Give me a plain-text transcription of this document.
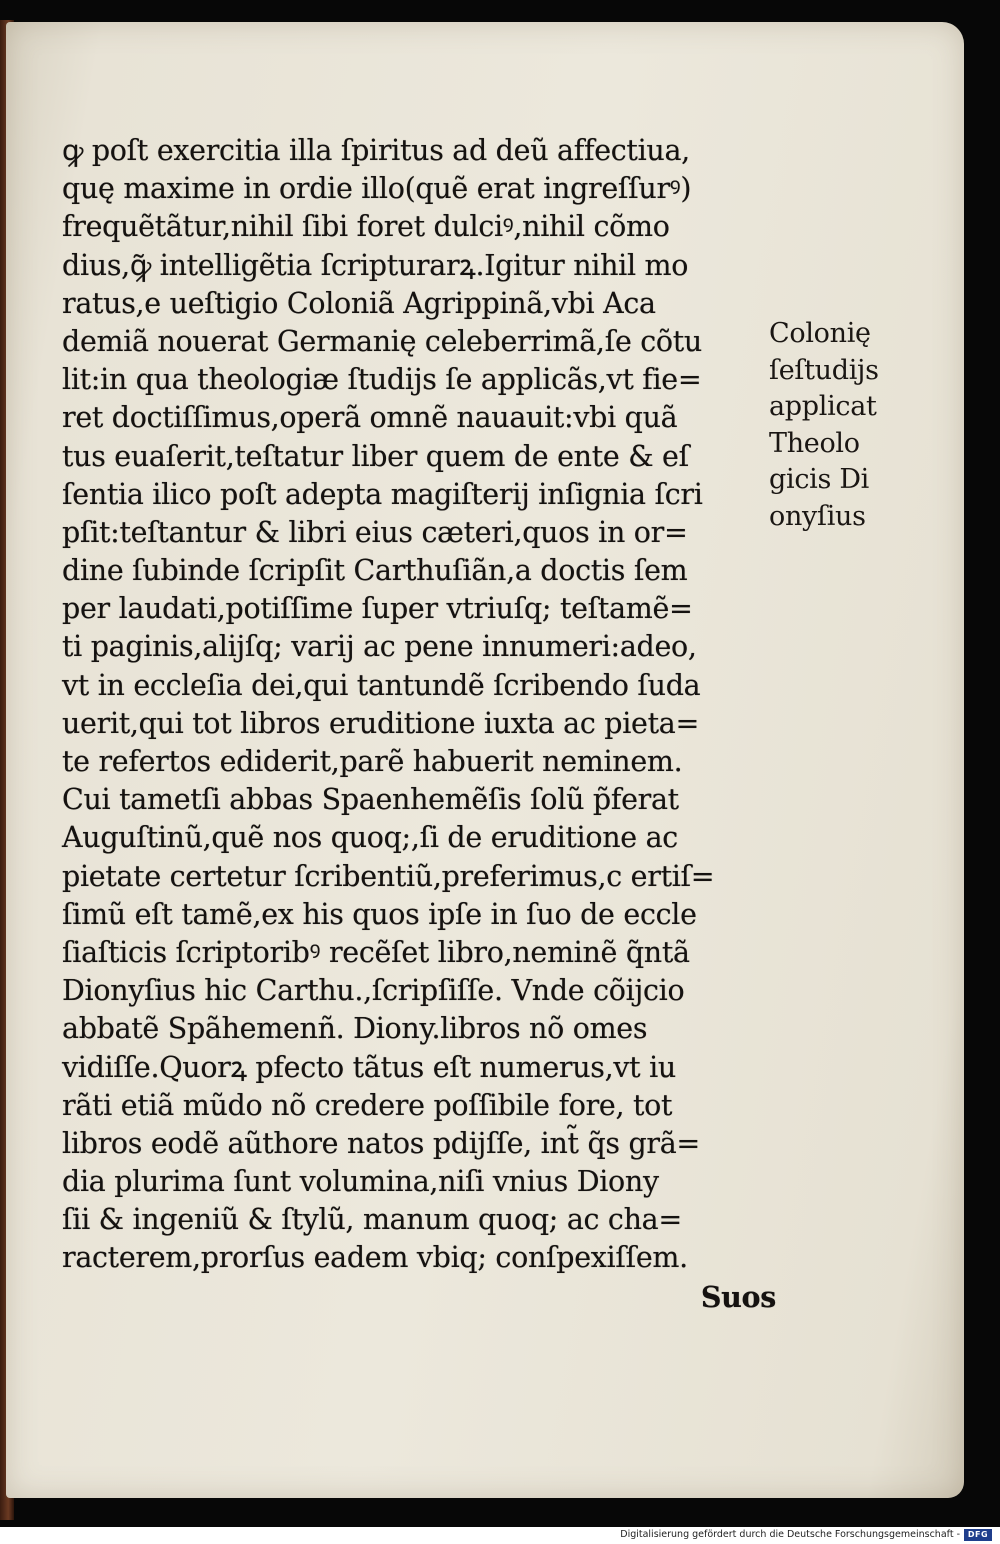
ꝙ poſt exercitia illa ſpiritus ad deũ affectiua,
quę maxime in ordie illo(quẽ erat ingreſſurꝰ)
frequẽtãtur,nihil ſibi foret dulciꝰ,nihil cõmo
dius,ꝙ̃ intelligẽtia ſcripturarꝝ.Igitur nihil mo
ratus,e ueſtigio Coloniã Agrippinã,vbi Aca
demiã nouerat Germanię celeberrimã,ſe cõtu
lit:in qua theologiæ ſtudijs ſe applicãs,vt fie=
ret doctiſſimus,operã omnẽ nauauit:vbi quã
tus euaſerit,teſtatur liber quem de ente & eſ
ſentia ilico poſt adepta magiſterij inſignia ſcri
pſit:teſtantur & libri eius cæteri,quos in or=
dine ſubinde ſcripſit Carthuſiãn,a doctis ſem
per laudati,potiſſime ſuper vtriuſq; teſtamẽ=
ti paginis,alijſq; varij ac pene innumeri:adeo,
vt in eccleſia dei,qui tantundẽ ſcribendo ſuda
uerit,qui tot libros eruditione iuxta ac pieta=
te refertos ediderit,parẽ habuerit neminem.
Cui tametſi abbas Spaenhemẽſis ſolũ p̃ferat
Auguſtinũ,quẽ nos quoq;,ſi de eruditione ac
pietate certetur ſcribentiũ,preferimus,c ertiſ=
ſimũ eſt tamẽ,ex his quos ipſe in ſuo de eccle
ſiaſticis ſcriptoribꝰ recẽſet libro,neminẽ q̃ntã
Dionyſius hic Carthu.,ſcripſiſſe. Vnde cõijcio
abbatẽ Spãhemenñ. Diony.libros nõ omes
vidiſſe.Quorꝝ pfecto tãtus eſt numerus,vt iu
rãti etiã mũdo nõ credere poſſibile fore, tot
libros eodẽ aũthore natos pdijſſe, int̃ q̃s grã=
dia plurima ſunt volumina,niſi vnius Diony
ſii & ingeniũ & ſtylũ, manum quoq; ac cha=
racterem,prorſus eadem vbiq; conſpexiſſem.
Suos
Colonię
ſeſtudijs
applicat
Theolo
gicis Di
onyſius
Digitalisierung gefördert durch die Deutsche Forschungsgemeinschaft - DFG
